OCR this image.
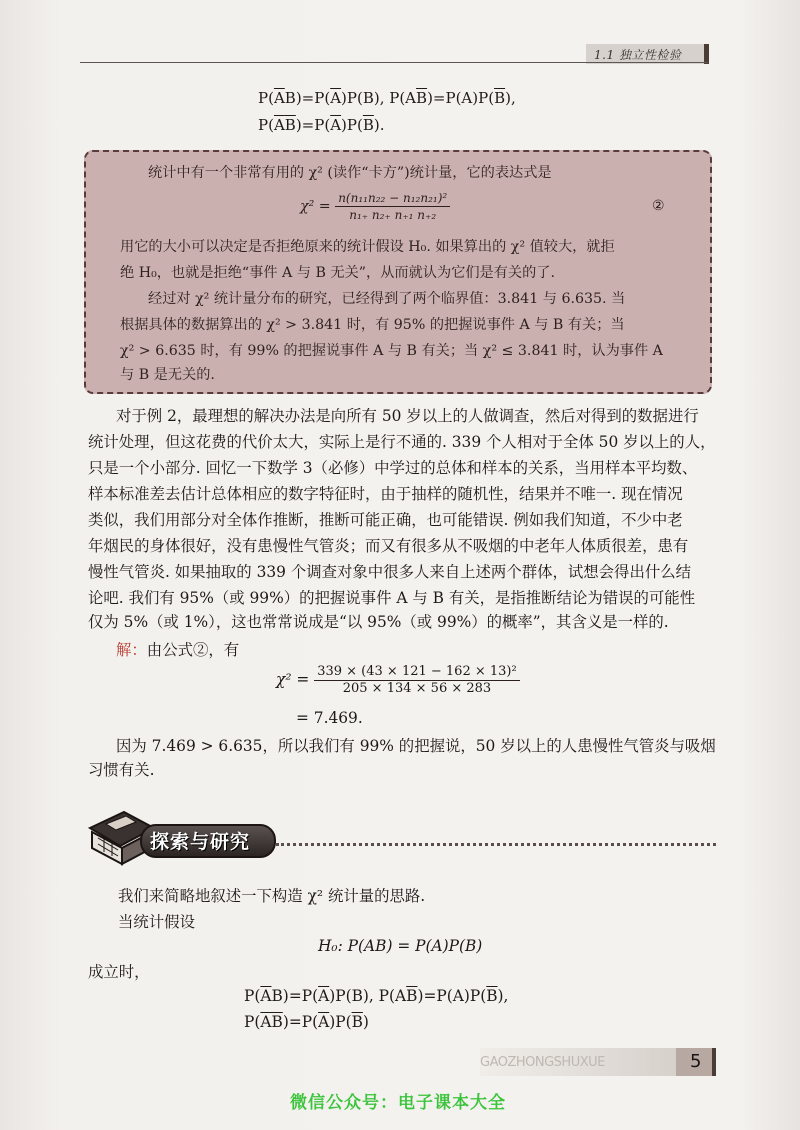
1.1 独立性检验
$P(\overline{A}B)=P(\overline{A})P(B)$, $P(A\overline{B})=P(A)P(\overline{B})$,
$P(\overline{A}\overline{B})=P(\overline{A})P(\overline{B})$.
统计中有一个非常有用的 χ² (读作“卡方”)统计量，它的表达式是
$\chi^2 = \frac{\text{n(n₁₁n₂₂ − n₁₂n₂₁)²}}{\text{n₁₊ n₂₊ n₊₁ n₊₂}}$	②
用它的大小可以决定是否拒绝原来的统计假设 H₀. 如果算出的 χ² 值较大，就拒
绝 H₀，也就是拒绝“事件 A 与 B 无关”，从而就认为它们是有关的了.
经过对 χ² 统计量分布的研究，已经得到了两个临界值：3.841 与 6.635. 当
根据具体的数据算出的 χ² > 3.841 时，有 95% 的把握说事件 A 与 B 有关；当
χ² > 6.635 时，有 99% 的把握说事件 A 与 B 有关；当 χ² ≤ 3.841 时，认为事件 A
与 B 是无关的.
对于例 2，最理想的解决办法是向所有 50 岁以上的人做调查，然后对得到的数据进行
统计处理，但这花费的代价太大，实际上是行不通的. 339 个人相对于全体 50 岁以上的人，
只是一个小部分. 回忆一下数学 3（必修）中学过的总体和样本的关系，当用样本平均数、
样本标准差去估计总体相应的数字特征时，由于抽样的随机性，结果并不唯一. 现在情况
类似，我们用部分对全体作推断，推断可能正确，也可能错误. 例如我们知道，不少中老
年烟民的身体很好，没有患慢性气管炎；而又有很多从不吸烟的中老年人体质很差，患有
慢性气管炎. 如果抽取的 339 个调查对象中很多人来自上述两个群体，试想会得出什么结
论吧. 我们有 95%（或 99%）的把握说事件 A 与 B 有关，是指推断结论为错误的可能性
仅为 5%（或 1%），这也常常说成是“以 95%（或 99%）的概率”，其含义是一样的.
解：由公式②，有
$\chi^2 = \frac{\text{339 × (43 × 121 − 162 × 13)²}}{205 \times 134 \times 56 \times 283}$
= 7.469.
因为 7.469 > 6.635，所以我们有 99% 的把握说，50 岁以上的人患慢性气管炎与吸烟
习惯有关.
探索与研究
我们来简略地叙述一下构造 χ² 统计量的思路.
当统计假设
H₀: P(AB) = P(A)P(B)
成立时，
$P(\overline{A}B)=P(\overline{A})P(B)$, $P(A\overline{B})=P(A)P(\overline{B})$,
$P(\overline{A}\overline{B})=P(\overline{A})P(\overline{B})$
GAOZHONGSHUXUE	5
微信公众号：电子课本大全
